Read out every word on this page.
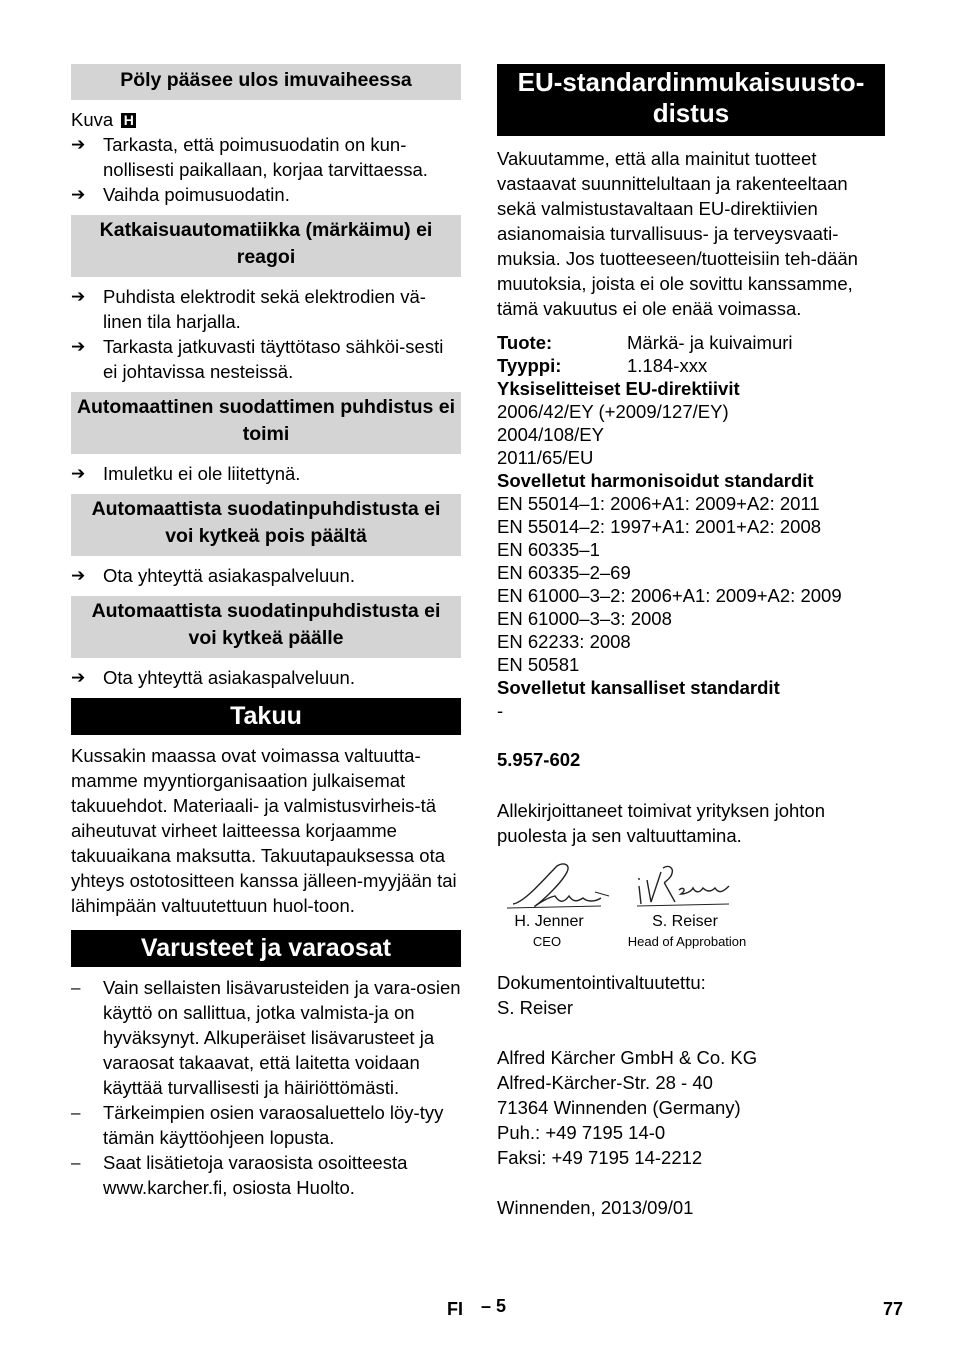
Pöly pääsee ulos imuvaiheessa
Kuva H
➔ Tarkasta, että poimusuodatin on kun-nollisesti paikallaan, korjaa tarvittaessa.
➔ Vaihda poimusuodatin.
Katkaisuautomatiikka (märkäimu) ei reagoi
➔ Puhdista elektrodit sekä elektrodien vä-linen tila harjalla.
➔ Tarkasta jatkuvasti täyttötaso sähköi-sesti ei johtavissa nesteissä.
Automaattinen suodattimen puhdistus ei toimi
➔ Imuletku ei ole liitettynä.
Automaattista suodatinpuhdistusta ei voi kytkeä pois päältä
➔ Ota yhteyttä asiakaspalveluun.
Automaattista suodatinpuhdistusta ei voi kytkeä päälle
➔ Ota yhteyttä asiakaspalveluun.
Takuu
Kussakin maassa ovat voimassa valtuutta-mamme myyntiorganisaation julkaisemat takuuehdot. Materiaali- ja valmistusvirheis-tä aiheutuvat virheet laitteessa korjaamme takuuaikana maksutta. Takuutapauksessa ota yhteys ostotositteen kanssa jälleen-myyjään tai lähimpään valtuutettuun huol-toon.
Varusteet ja varaosat
–	Vain sellaisten lisävarusteiden ja vara-osien käyttö on sallittua, jotka valmista-ja on hyväksynyt. Alkuperäiset lisävarusteet ja varaosat takaavat, että laitetta voidaan käyttää turvallisesti ja häiriöttömästi.
–	Tärkeimpien osien varaosaluettelo löy-tyy tämän käyttöohjeen lopusta.
–	Saat lisätietoja varaosista osoitteesta www.karcher.fi, osiosta Huolto.
EU-standardinmukaisuusto-distus
Vakuutamme, että alla mainitut tuotteet vastaavat suunnittelultaan ja rakenteeltaan sekä valmistustavaltaan EU-direktiivien asianomaisia turvallisuus- ja terveysvaati-muksia. Jos tuotteeseen/tuotteisiin teh-dään muutoksia, joista ei ole sovittu kanssamme, tämä vakuutus ei ole enää voimassa.
Tuote:	Märkä- ja kuivaimuri
Tyyppi:	1.184-xxx
Yksiselitteiset EU-direktiivit
2006/42/EY (+2009/127/EY)
2004/108/EY
2011/65/EU
Sovelletut harmonisoidut standardit
EN 55014–1: 2006+A1: 2009+A2: 2011
EN 55014–2: 1997+A1: 2001+A2: 2008
EN 60335–1
EN 60335–2–69
EN 61000–3–2: 2006+A1: 2009+A2: 2009
EN 61000–3–3: 2008
EN 62233: 2008
EN 50581
Sovelletut kansalliset standardit
-
5.957-602
Allekirjoittaneet toimivat yrityksen johton puolesta ja sen valtuuttamina.
H. Jenner
CEO
S. Reiser
Head of Approbation
Dokumentointivaltuutettu:
S. Reiser
Alfred Kärcher GmbH & Co. KG
Alfred-Kärcher-Str. 28 - 40
71364 Winnenden (Germany)
Puh.: +49 7195 14-0
Faksi: +49 7195 14-2212
Winnenden, 2013/09/01
FI – 5	77
